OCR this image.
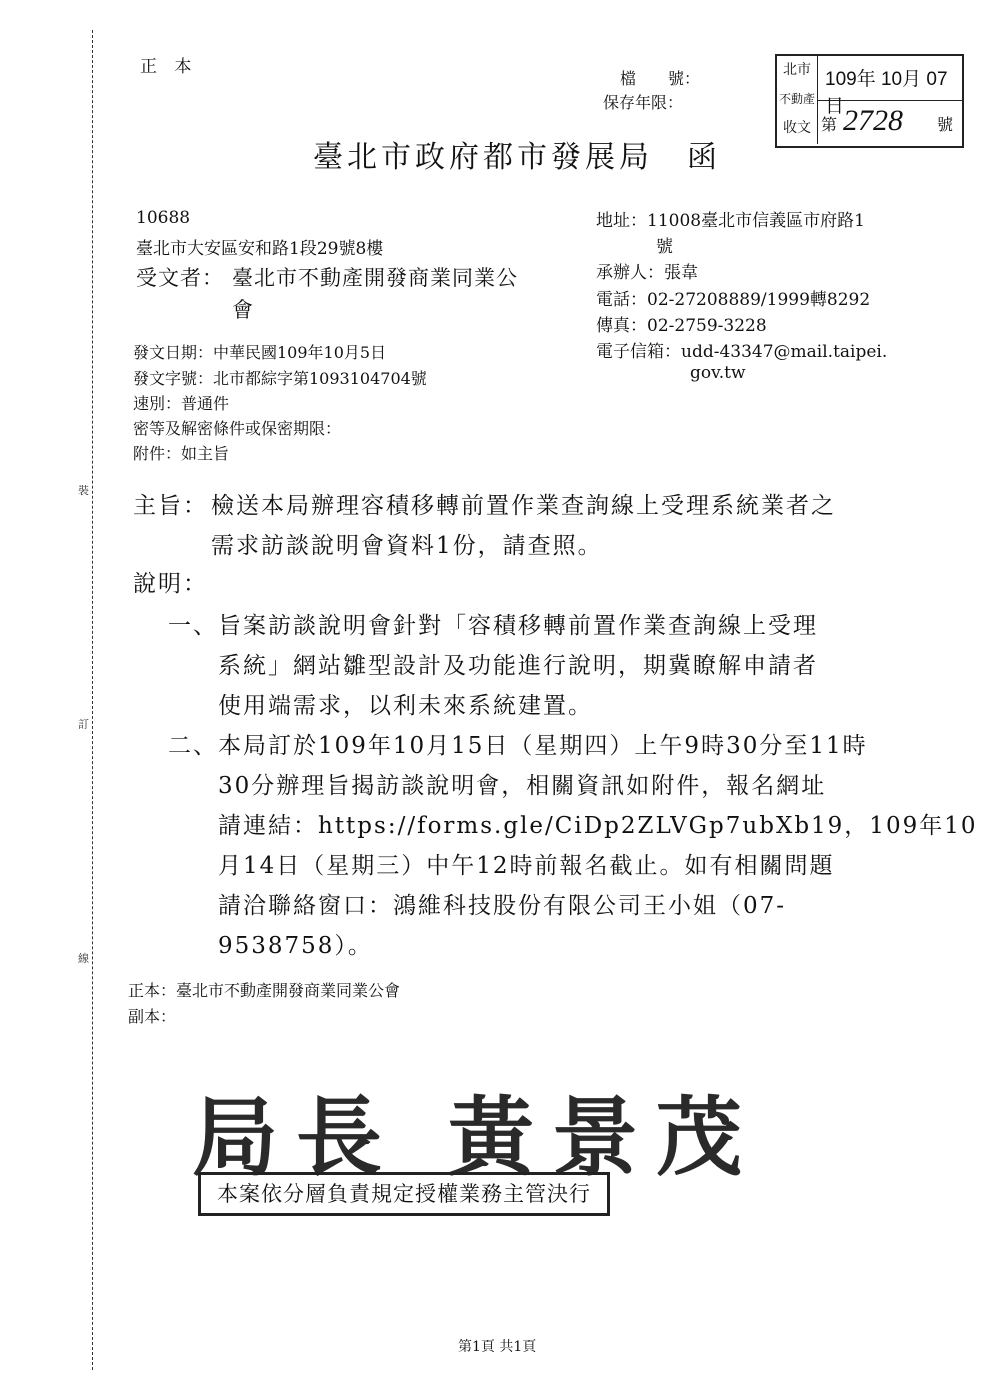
裝
訂
線
正 本
檔　　號：
保存年限：
北市
不動產
收文
109年 10月 07日
第 2728 號
臺北市政府都市發展局　函
10688
臺北市大安區安和路1段29號8樓
受文者： 臺北市不動產開發商業同業公
會
地址：11008臺北市信義區市府路1
號
承辦人：張韋
電話：02-27208889/1999轉8292
傳真：02-2759-3228
電子信箱：udd-43347@mail.taipei.
gov.tw
發文日期：中華民國109年10月5日
發文字號：北市都綜字第1093104704號
速別：普通件
密等及解密條件或保密期限：
附件：如主旨
主旨： 檢送本局辦理容積移轉前置作業查詢線上受理系統業者之
需求訪談說明會資料1份，請查照。
說明：
一、 旨案訪談說明會針對「容積移轉前置作業查詢線上受理
系統」網站雛型設計及功能進行說明，期冀瞭解申請者
使用端需求，以利未來系統建置。
二、 本局訂於109年10月15日（星期四）上午9時30分至11時
30分辦理旨揭訪談說明會，相關資訊如附件，報名網址
請連結：https://forms.gle/CiDp2ZLVGp7ubXb19，109年10
月14日（星期三）中午12時前報名截止。如有相關問題
請洽聯絡窗口：鴻維科技股份有限公司王小姐（07-
9538758）。
正本：臺北市不動產開發商業同業公會
副本：
局長 黃景茂
本案依分層負責規定授權業務主管決行
第1頁 共1頁
